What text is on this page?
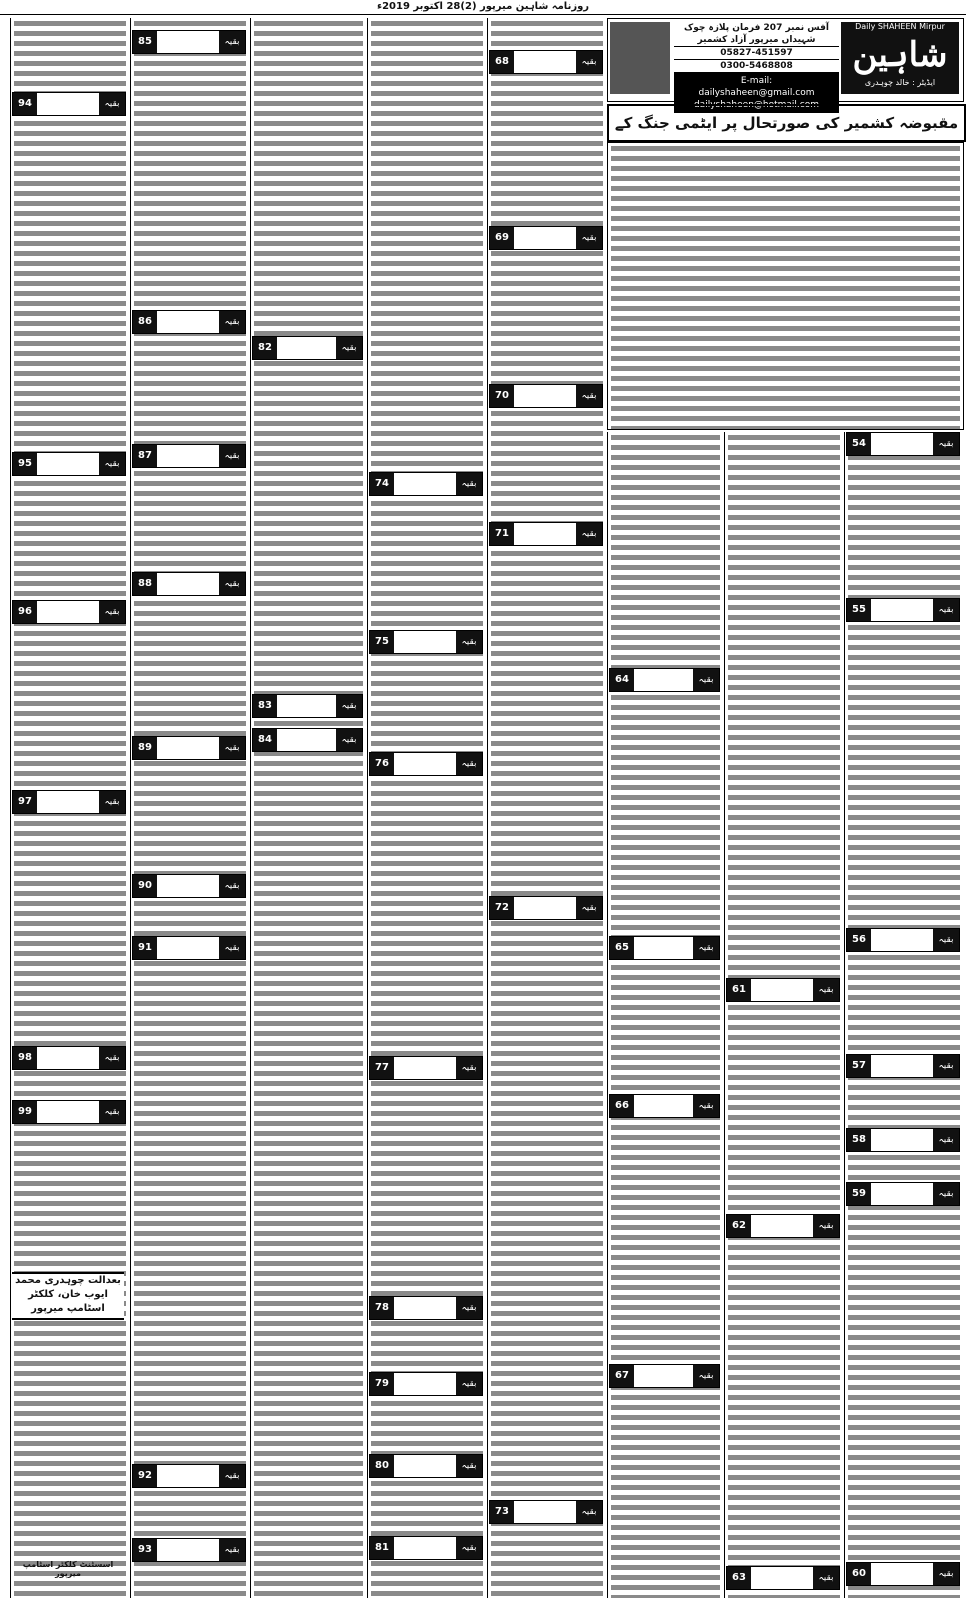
روزنامہ شاہین میرپور (2)28 اکتوبر 2019ء
آفس نمبر 207 فرمان پلازہ چوک شہیداں میرپور آزاد کشمیر
05827-451597
0300-5468808
E-mail:
dailyshaheen@gmail.com
dailyshaheen@hotmail.com
Daily SHAHEEN Mirpur
شاہین
ایڈیٹر : خالد چوہدری
مقبوضہ کشمیر کی صورتحال پر ایٹمی جنگ کے
54	بقیہ
55	بقیہ
56	بقیہ
57	بقیہ
58	بقیہ
59	بقیہ
60	بقیہ
61	بقیہ
62	بقیہ
63	بقیہ
64	بقیہ
65	بقیہ
66	بقیہ
67	بقیہ
68	بقیہ
69	بقیہ
70	بقیہ
71	بقیہ
72	بقیہ
73	بقیہ
74	بقیہ
75	بقیہ
76	بقیہ
77	بقیہ
78	بقیہ
79	بقیہ
80	بقیہ
81	بقیہ
82	بقیہ
83	بقیہ
84	بقیہ
85	بقیہ
86	بقیہ
87	بقیہ
88	بقیہ
89	بقیہ
90	بقیہ
91	بقیہ
92	بقیہ
93	بقیہ
94	بقیہ
95	بقیہ
96	بقیہ
97	بقیہ
98	بقیہ
99	بقیہ
بعدالت چوہدری محمد ایوب خان، کلکٹر اسٹامپ میرپور
اسسٹنٹ کلکٹر اسٹامپ میرپور
